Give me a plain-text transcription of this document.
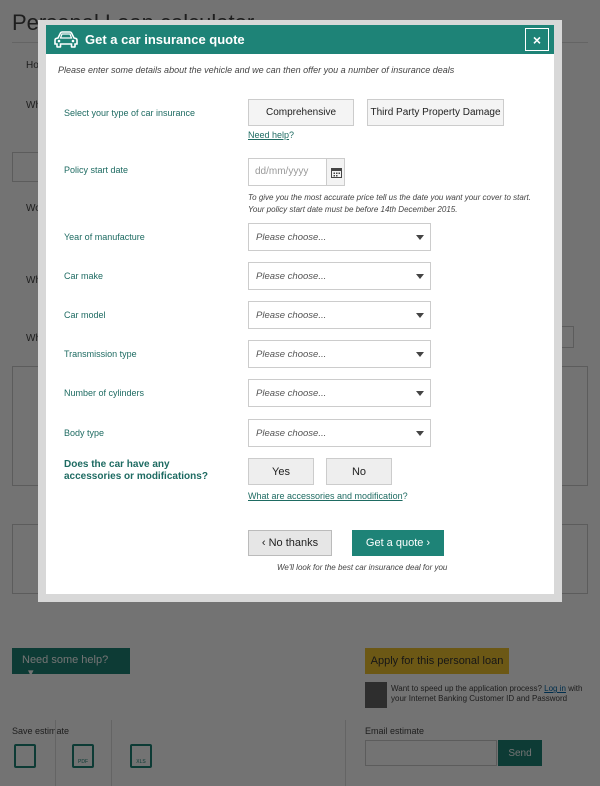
Get a car insurance quote	×
Please enter some details about the vehicle and we can then offer you a number of insurance deals
Select your type of car insurance	Comprehensive	Third Party Property Damage
Need help?
Policy start date	dd/mm/yyyy
To give you the most accurate price tell us the date you want your cover to start. Your policy start date must be before 14th December 2015.
Year of manufacture	Please choose...
Car make	Please choose...
Car model	Please choose...
Transmission type	Please choose...
Number of cylinders	Please choose...
Body type	Please choose...
Does the car have any
accessories or modifications?	Yes	No
What are accessories and modification?
‹ No thanks	Get a quote ›
We'll look for the best car insurance deal for you
